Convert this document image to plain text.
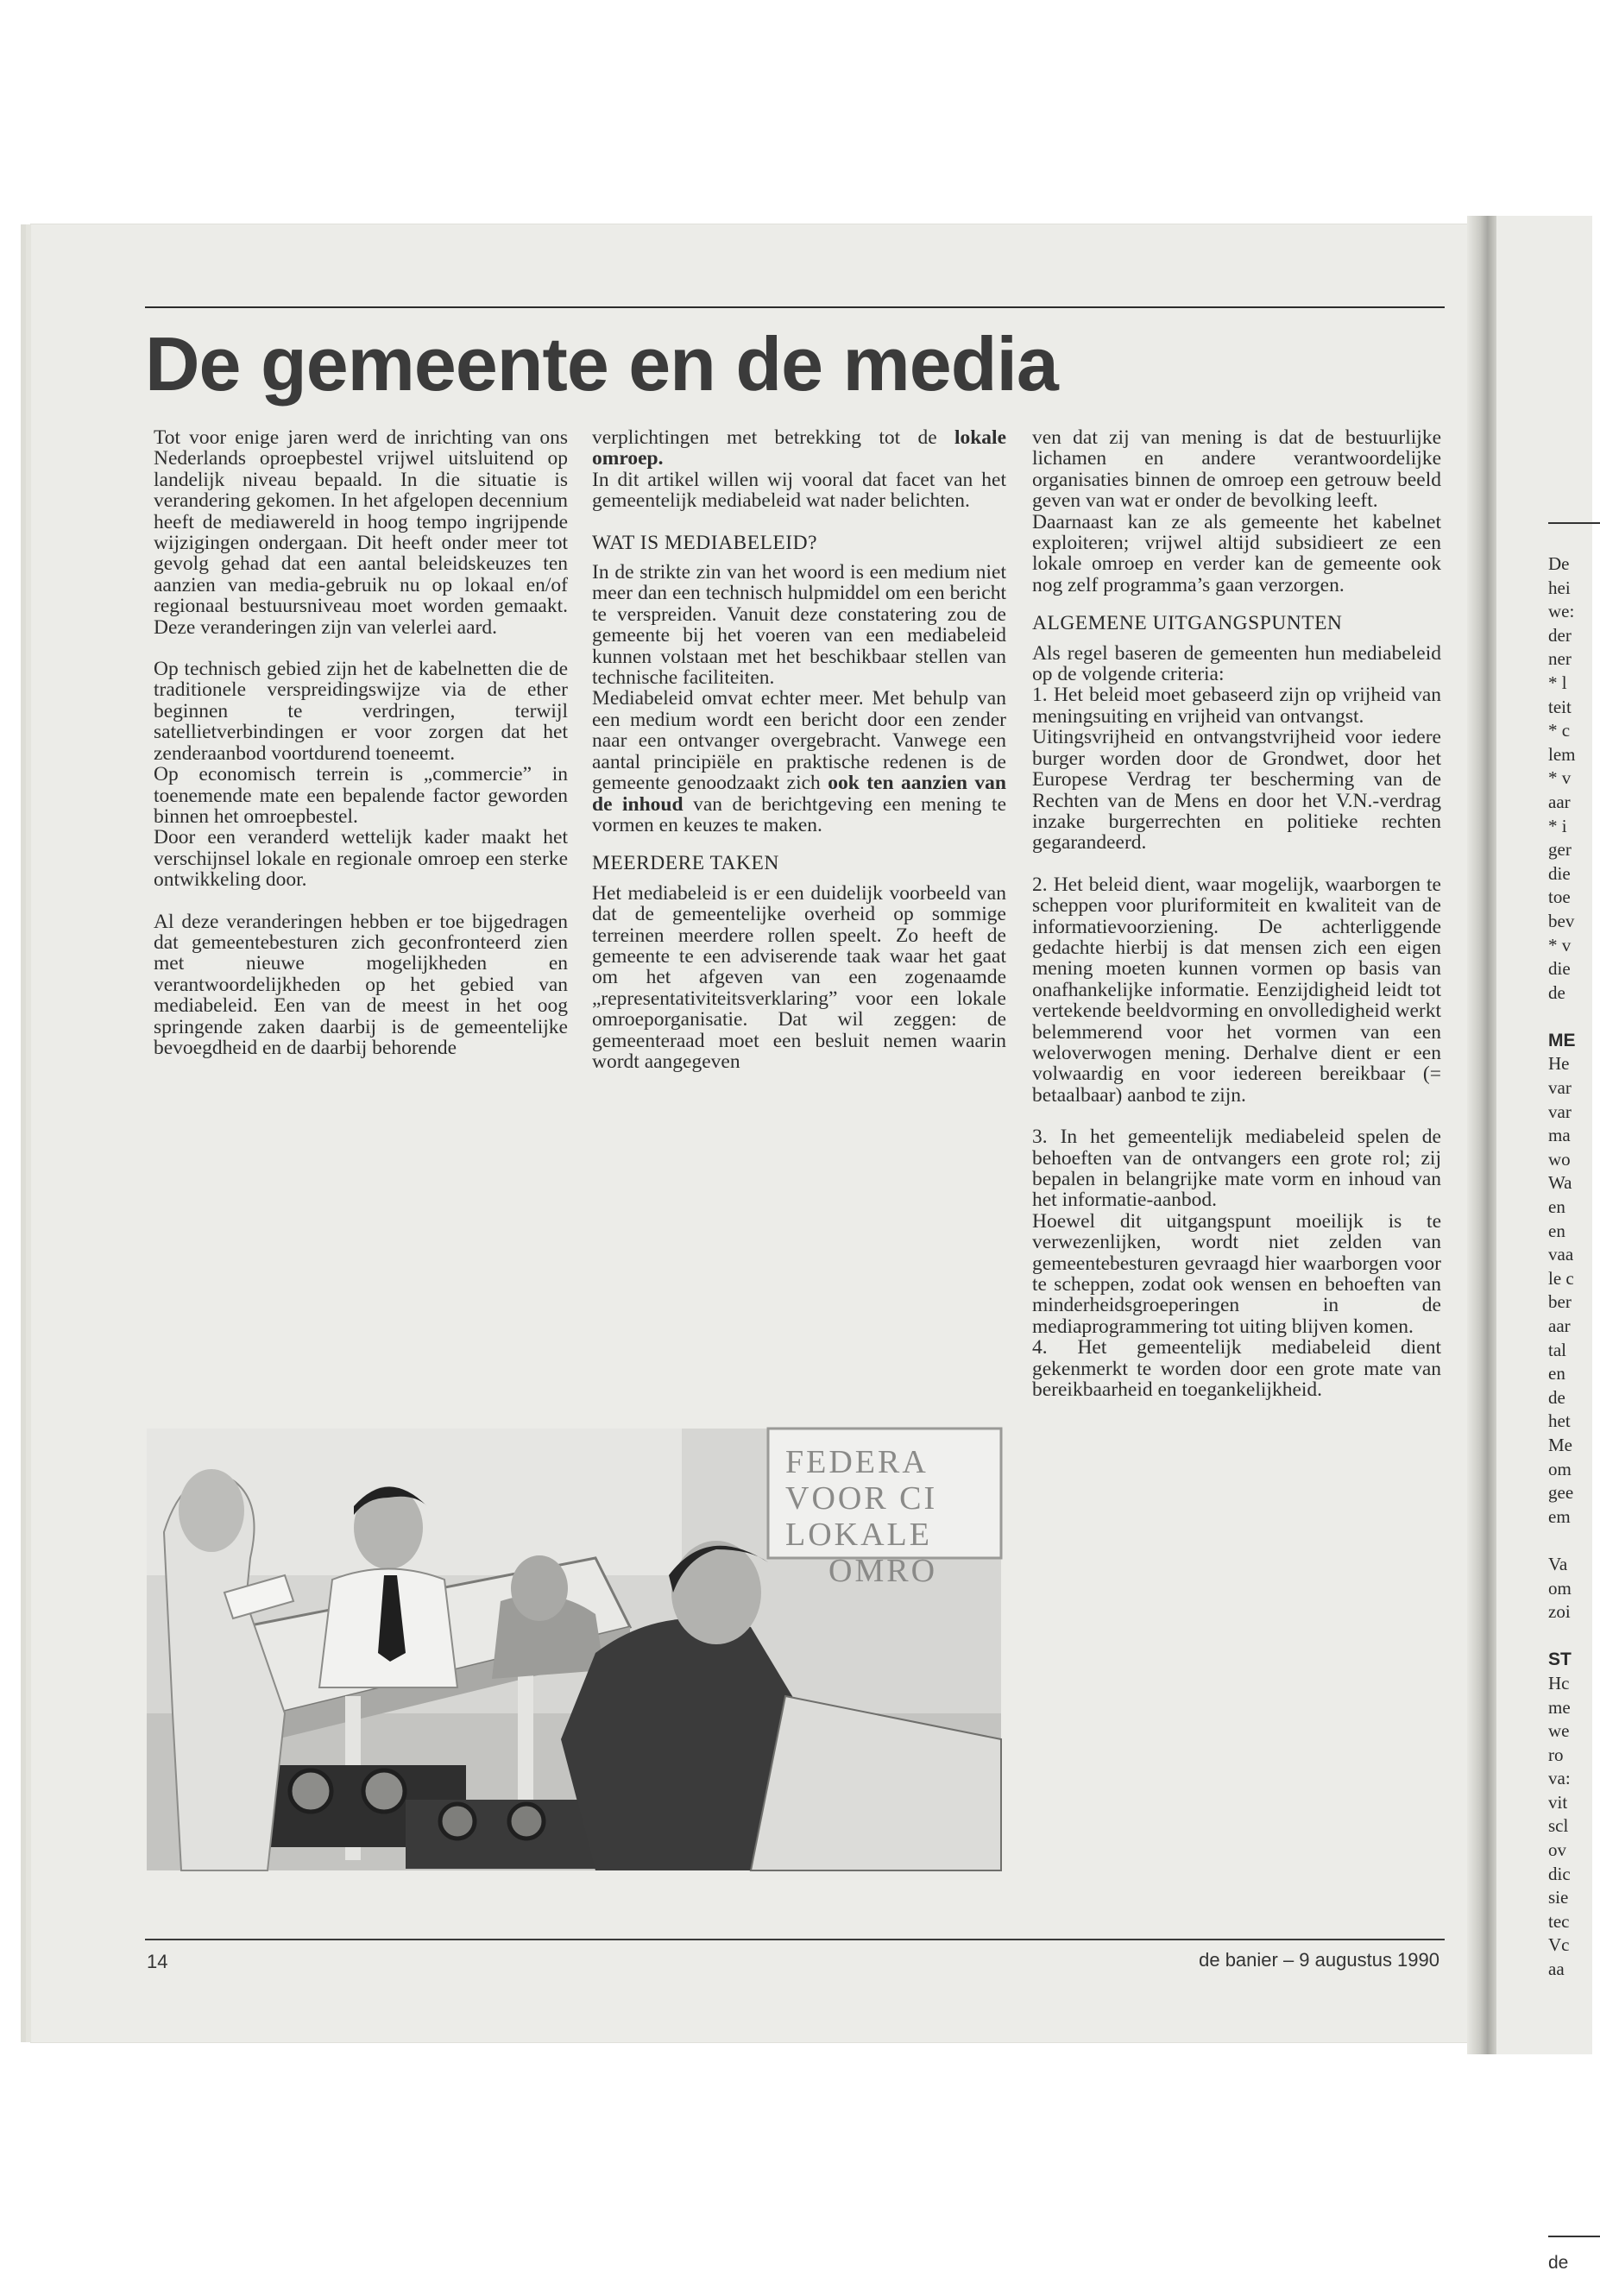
De
hei
we:
der
ner
* l
teit
* c
lem
* v
aar
* i
ger
die
toe
bev
* v
die
de

ME
He
var
var
ma
wo
Wa
en
en
vaa
le c
ber
aar
tal
en
de
het
Me
om
gee
em

Va
om
zoi

ST
Hc
me
we
ro
va:
vit
scl
ov
dic
sie
tec
Vc
aa
de
De gemeente en de media

Tot voor enige jaren werd de inrichting van ons Nederlands oproepbestel vrijwel uitsluitend op landelijk niveau bepaald. In die situatie is verandering gekomen. In het afgelopen decennium heeft de mediawereld in hoog tempo ingrijpende wijzigingen ondergaan. Dit heeft onder meer tot gevolg gehad dat een aantal beleidskeuzes ten aanzien van media-gebruik nu op lokaal en/of regionaal bestuursniveau moet worden gemaakt. Deze veranderingen zijn van velerlei aard.

Op technisch gebied zijn het de kabelnetten die de traditionele verspreidingswijze via de ether beginnen te verdringen, terwijl satellietverbindingen er voor zorgen dat het zenderaanbod voortdurend toeneemt.

Op economisch terrein is „commercie” in toenemende mate een bepalende factor geworden binnen het omroepbestel.

Door een veranderd wettelijk kader maakt het verschijnsel lokale en regionale omroep een sterke ontwikkeling door.

Al deze veranderingen hebben er toe bijgedragen dat gemeentebesturen zich geconfronteerd zien met nieuwe mogelijkheden en verantwoordelijkheden op het gebied van mediabeleid. Een van de meest in het oog springende zaken daarbij is de gemeentelijke bevoegdheid en de daarbij behorende

verplichtingen met betrekking tot de lokale omroep.

In dit artikel willen wij vooral dat facet van het gemeentelijk mediabeleid wat nader belichten.

WAT IS MEDIABELEID?

In de strikte zin van het woord is een medium niet meer dan een technisch hulpmiddel om een bericht te verspreiden. Vanuit deze constatering zou de gemeente bij het voeren van een mediabeleid kunnen volstaan met het beschikbaar stellen van technische faciliteiten.

Mediabeleid omvat echter meer. Met behulp van een medium wordt een bericht door een zender naar een ontvanger overgebracht. Vanwege een aantal principiële en praktische redenen is de gemeente genoodzaakt zich ook ten aanzien van de inhoud van de berichtgeving een mening te vormen en keuzes te maken.

MEERDERE TAKEN

Het mediabeleid is er een duidelijk voorbeeld van dat de gemeentelijke overheid op sommige terreinen meerdere rollen speelt. Zo heeft de gemeente te een adviserende taak waar het gaat om het afgeven van een zogenaamde „representativiteitsverklaring” voor een lokale omroeporganisatie. Dat wil zeggen: de gemeenteraad moet een besluit nemen waarin wordt aangegeven

ven dat zij van mening is dat de bestuurlijke lichamen en andere verantwoordelijke organisaties binnen de omroep een getrouw beeld geven van wat er onder de bevolking leeft.

Daarnaast kan ze als gemeente het kabelnet exploiteren; vrijwel altijd subsidieert ze een lokale omroep en verder kan de gemeente ook nog zelf programma’s gaan verzorgen.

ALGEMENE UITGANGSPUNTEN

Als regel baseren de gemeenten hun mediabeleid op de volgende criteria:

1. Het beleid moet gebaseerd zijn op vrijheid van meningsuiting en vrijheid van ontvangst.

Uitingsvrijheid en ontvangstvrijheid voor iedere burger worden door de Grondwet, door het Europese Verdrag ter bescherming van de Rechten van de Mens en door het V.N.-verdrag inzake burgerrechten en politieke rechten gegarandeerd.

2. Het beleid dient, waar mogelijk, waarborgen te scheppen voor pluriformiteit en kwaliteit van de informatievoorziening. De achterliggende gedachte hierbij is dat mensen zich een eigen mening moeten kunnen vormen op basis van onafhankelijke informatie. Eenzijdigheid leidt tot vertekende beeldvorming en onvolledigheid werkt belemmerend voor het vormen van een weloverwogen mening. Derhalve dient er een volwaardig en voor iedereen bereikbaar (= betaalbaar) aanbod te zijn.

3. In het gemeentelijk mediabeleid spelen de behoeften van de ontvangers een grote rol; zij bepalen in belangrijke mate vorm en inhoud van het informatie-aanbod.

Hoewel dit uitgangspunt moeilijk is te verwezenlijken, wordt niet zelden van gemeentebesturen gevraagd hier waarborgen voor te scheppen, zodat ook wensen en behoeften van minderheidsgroeperingen in de mediaprogrammering tot uiting blijven komen.

4. Het gemeentelijk mediabeleid dient gekenmerkt te worden door een grote mate van bereikbaarheid en toegankelijkheid.

FEDERA
VOOR CI
LOKALE
OMRO
14	de banier – 9 augustus 1990
